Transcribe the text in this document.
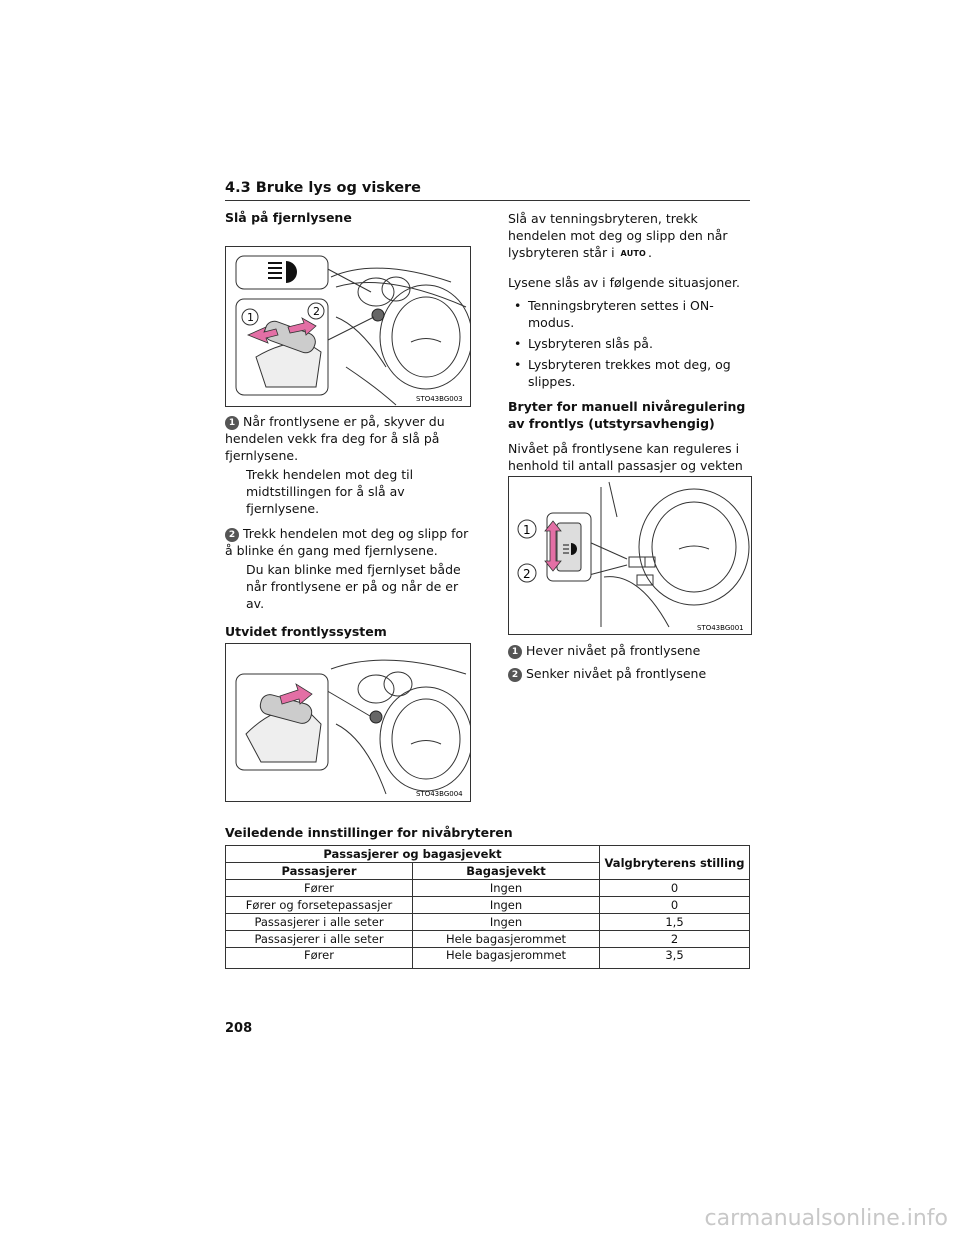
4.3 Bruke lys og viskere
Slå på fjernlysene
1	2
STO43BG003
1 Når frontlysene er på, skyver du hendelen vekk fra deg for å slå på fjernlysene.
Trekk hendelen mot deg til midtstillingen for å slå av fjernlysene.
2 Trekk hendelen mot deg og slipp for å blinke én gang med fjernlysene.
Du kan blinke med fjernlyset både når frontlysene er på og når de er av.
Utvidet frontlyssystem
STO43BG004
Slå av tenningsbryteren, trekk hendelen mot deg og slipp den når lysbryteren står i AUTO .
Lysene slås av i følgende situasjoner.
• Tenningsbryteren settes i ON-modus.
• Lysbryteren slås på.
• Lysbryteren trekkes mot deg, og slippes.
Bryter for manuell nivåregulering av frontlys (utstyrsavhengig)
Nivået på frontlysene kan reguleres i henhold til antall passasjer og vekten
1
2
STO43BG001
1 Hever nivået på frontlysene
2 Senker nivået på frontlysene
Veiledende innstillinger for nivåbryteren
Passasjerer og bagasjevekt		Valgbryterens stilling
Passasjerer	Bagasjevekt	
Fører	Ingen	0
Fører og forsetepassasjer	Ingen	0
Passasjerer i alle seter	Ingen	1,5
Passasjerer i alle seter	Hele bagasjerommet	2
Fører	Hele bagasjerommet	3,5
208
carmanualsonline.info
